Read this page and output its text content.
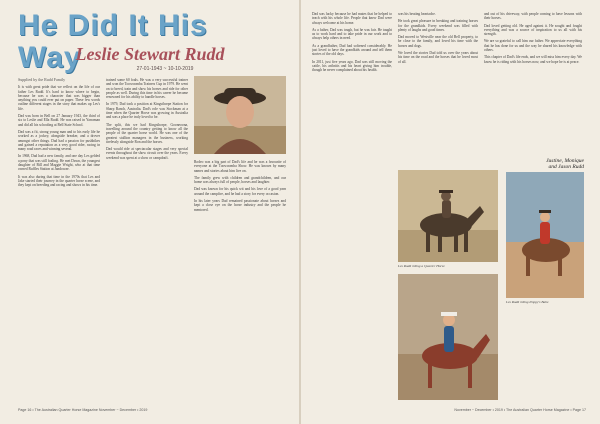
He Did It His Way
Leslie Stewart Rudd
27-01-1943 ~ 10-10-2019
Supplied by the Rudd Family

It is with great pride that we reflect on the life of our father Les Rudd. It's hard to know where to begin, because he was a character that was bigger than anything you could ever put on paper. These few words outline different stages in the story that makes up Les's life.

Dad was born in Bell on 27 January 1943, the third of six to Leslie and Ella Rudd. He was raised in Yarraman and did all his schooling at Bell State School.

Dad was a fit, strong young man and to his early life he worked as a jockey, alongside breaker, and a drover amongst other things. Dad had a passion for pushbikes and gained a reputation as a very good rider, racing in many road races and winning several.

In 1968, Dad had a new family, and one day Les gelded a pony that was still foaling. He met Dawn, the youngest daughter of Bill and Maggie Wright, who at that time owned Ruffles Station at Jandowae.

It was also during that time in the 1970s that Les and Jake started their journey in the quarter horse scene, and they kept on breeding and racing and shows in his time.

trained some 60 foals. He was a very successful trainer and won the Toowoomba Trainers Cup in 1979. He went on to breed, train and show his horses and ride for other people as well. During this time in his career he became renowned for his ability to handle horses.

In 1979, Dad took a position at Kingsthorpe Station for Sharp Ranch, Australia. Dad's role was Stockman at a time when the Quarter Horse was growing in Australia and was a place he truly loved to be.

The split, this we had Kingsthorpe, Gooneoona, travelling around the country getting to know all the people of the quarter horse world. He was one of the greatest stallion managers in the business, working tirelessly alongside Ron and the horses.

Dad would ride at spectacular stages and very special events throughout the show circuit over the years. Every weekend was spent at a show or campdraft.

Rodeo was a big part of Dad's life and he was a favourite of everyone at the Toowoomba Show. He was known by many names and stories about him live on.

The family grew with children and grandchildren, and our home was always full of people, horses and laughter.

Dad was known for his quick wit and his love of a good yarn around the campfire, and he had a story for every occasion.

In his later years Dad remained passionate about horses and kept a close eye on the horse industry and the people he mentored.

Page 16 • The Australian Quarter Horse Magazine November ~ December • 2019

Dad was lucky because he had mates that he helped to teach with his whole life. People that knew Dad were always welcome at his home.

As a father, Dad was tough, but he was fair. He taught us to work hard and to take pride in our work and to always help others in need.

As a grandfather, Dad had softened considerably. He just loved to have the grandkids around and tell them stories of the old days.

In 2011, just five years ago, Dad was still moving the cattle, his arthritis and his heart giving him trouble, though he never complained about his health.

was his beating heartache.

He took great pleasure in breaking and training horses for the grandkids. Every weekend was filled with plenty of laughs and good times.

Dad moved to Westville near the old Bell property, to be close to the family, and loved his time with the horses and dogs.

We loved the stories Dad told us over the years about his time on the road and the horses that he loved most of all.

and out of his driveway, with people coming to have lessons with their horses.

Dad loved getting old. He aged against it. He sought and fought everything and was a source of inspiration to us all with his strength.

We are so grateful to call him our father. We appreciate everything that he has done for us and the way he shared his knowledge with others.

This chapter of Dad's life ends, and we will miss him every day. We know he is riding with his horses now, and we hope he is at peace.

Justine, Monique
and Jason Rudd
Les Rudd riding a Quarter Horse
Les Rudd riding Poppy's Babe
November ~ December • 2019 • The Australian Quarter Horse Magazine • Page 17
